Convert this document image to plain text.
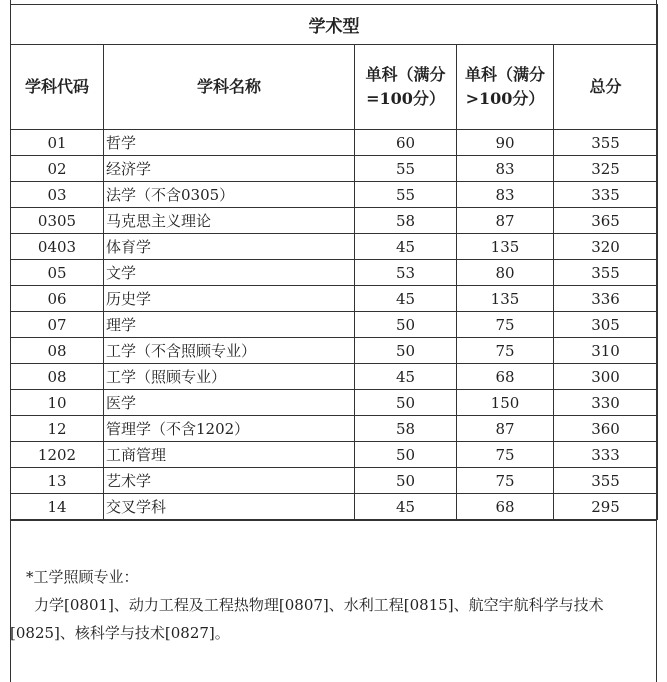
学术型				
学科代码	学科名称	单科（满分=100分）	单科（满分>100分）	总分
01	哲学	60	90	355
02	经济学	55	83	325
03	法学（不含0305）	55	83	335
0305	马克思主义理论	58	87	365
0403	体育学	45	135	320
05	文学	53	80	355
06	历史学	45	135	336
07	理学	50	75	305
08	工学（不含照顾专业）	50	75	310
08	工学（照顾专业）	45	68	300
10	医学	50	150	330
12	管理学（不含1202）	58	87	360
1202	工商管理	50	75	333
13	艺术学	50	75	355
14	交叉学科	45	68	295
*工学照顾专业：
力学[0801]、动力工程及工程热物理[0807]、水利工程[0815]、航空宇航科学与技术[0825]、核科学与技术[0827]。
